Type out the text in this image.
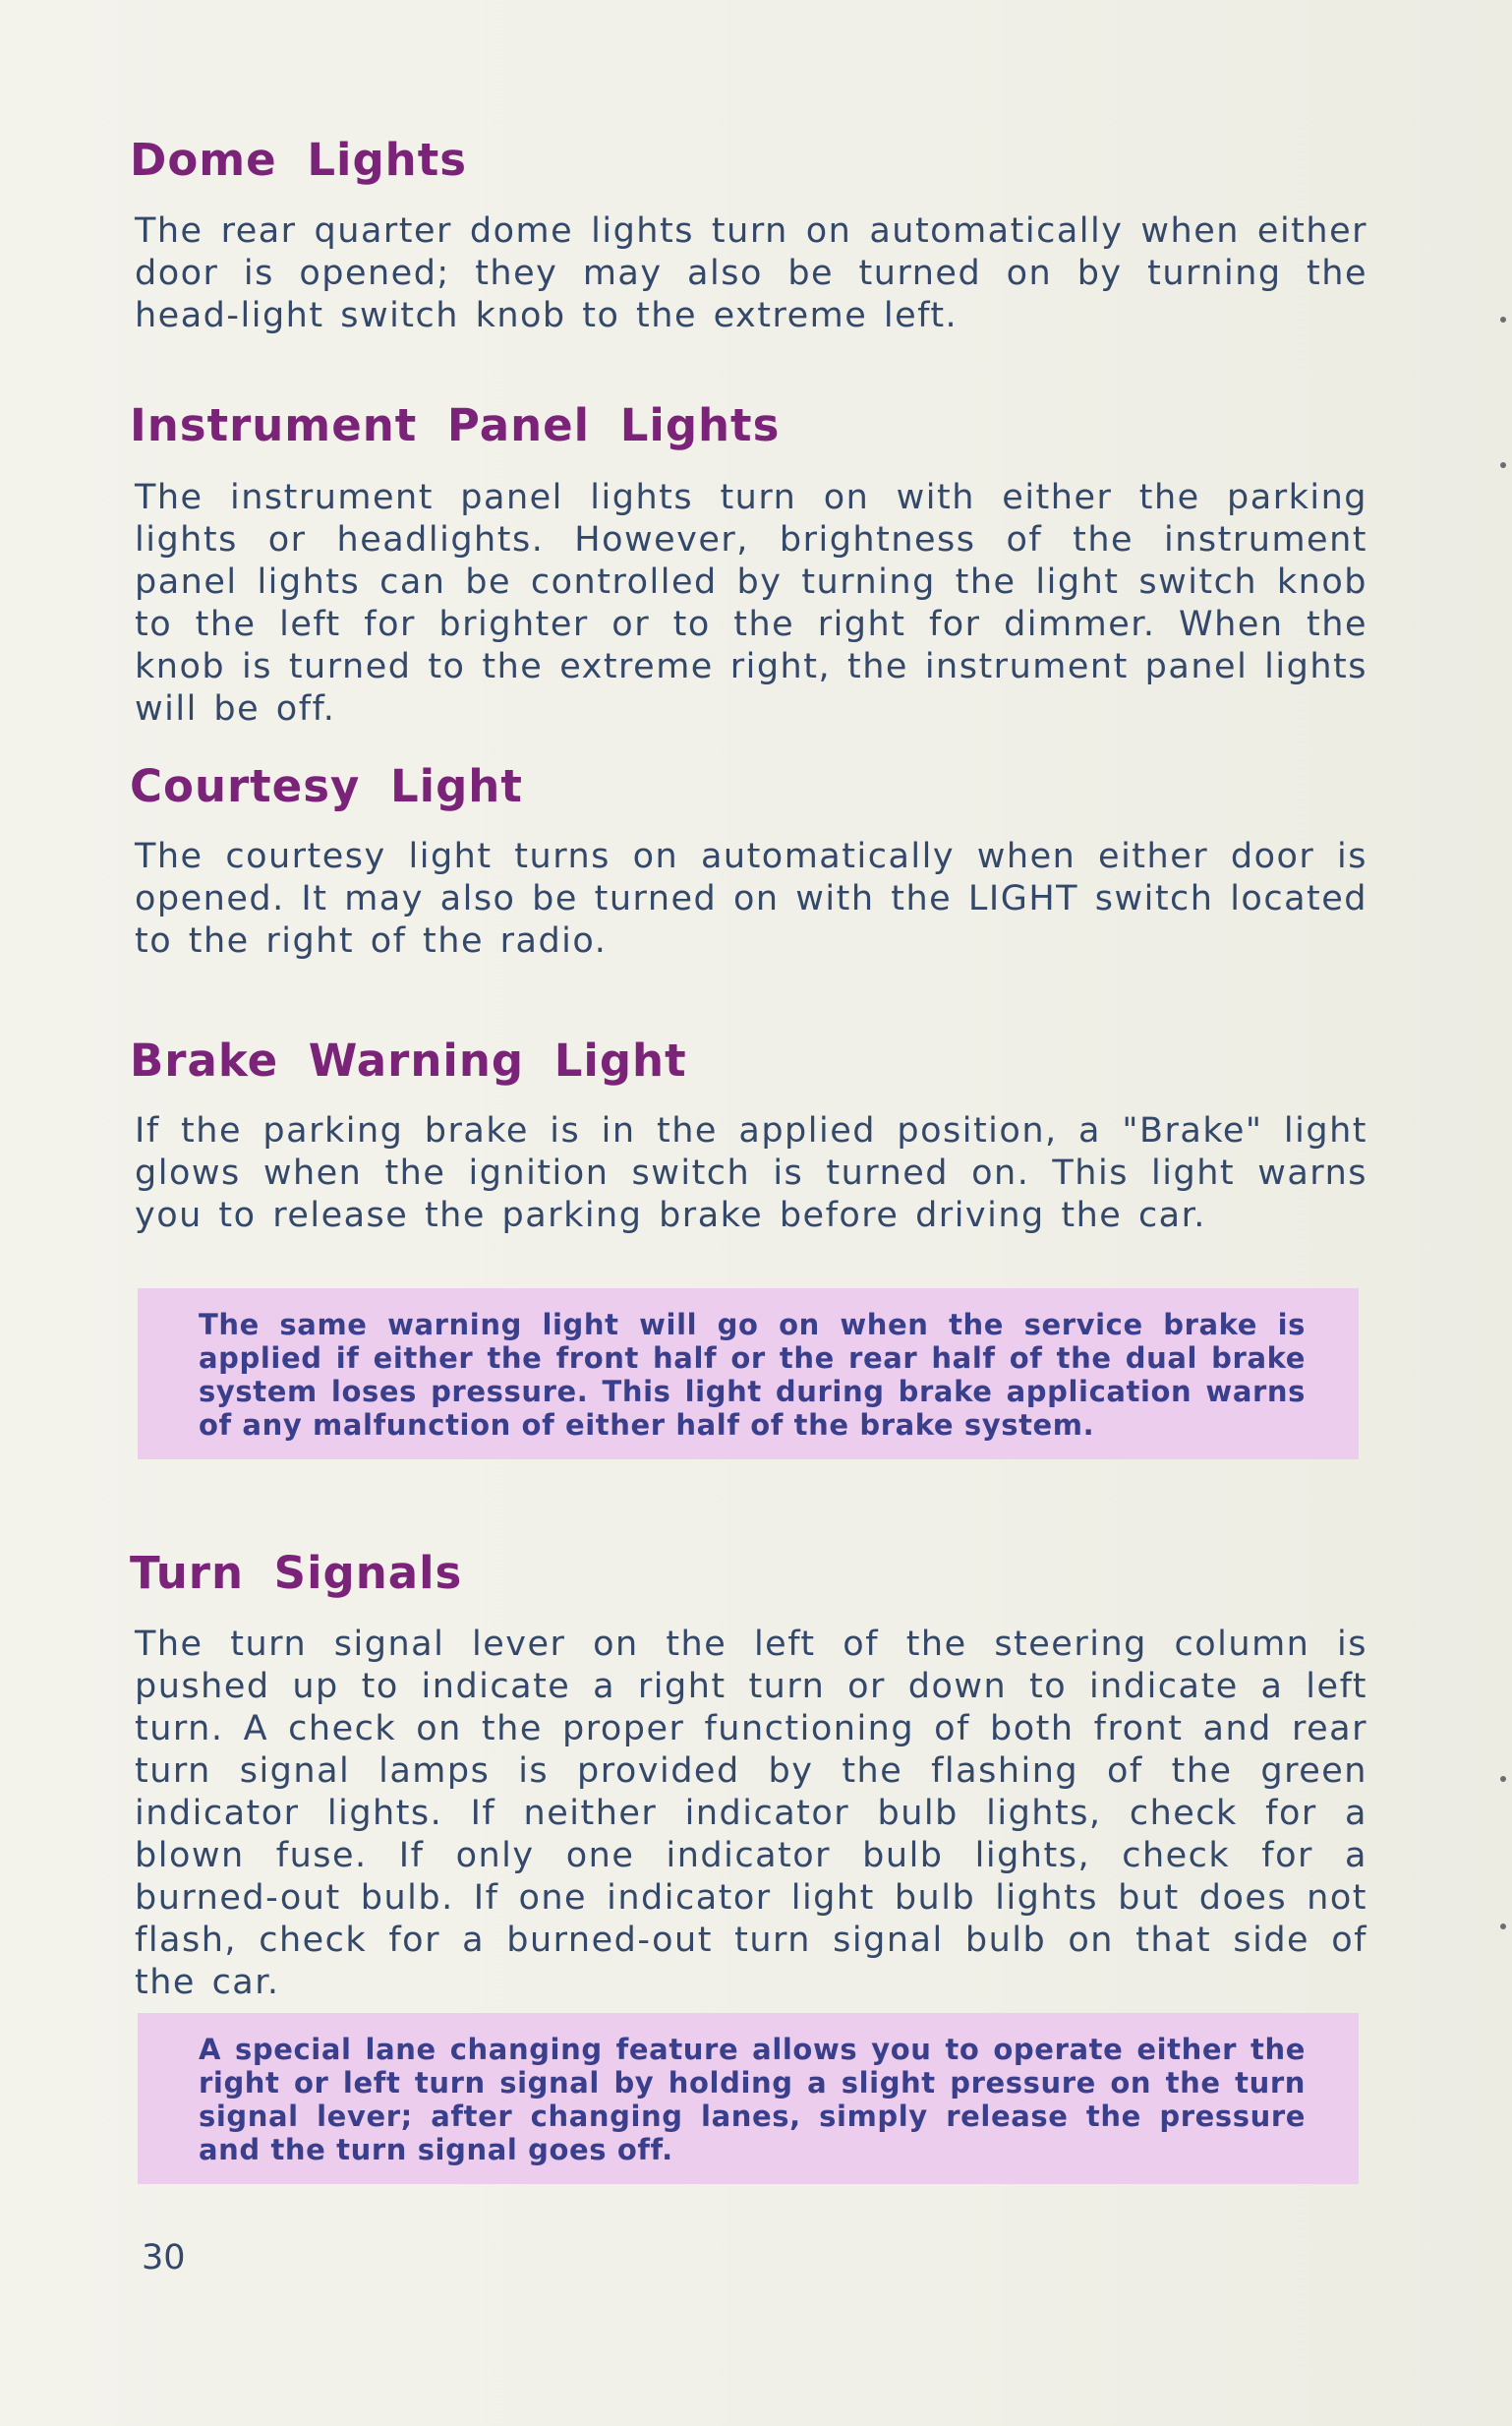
Dome Lights

The rear quarter dome lights turn on automatically when either door is opened; they may also be turned on by turning the head-light switch knob to the extreme left.

Instrument Panel Lights

The instrument panel lights turn on with either the parking lights or headlights. However, brightness of the instrument panel lights can be controlled by turning the light switch knob to the left for brighter or to the right for dimmer. When the knob is turned to the extreme right, the instrument panel lights will be off.

Courtesy Light

The courtesy light turns on automatically when either door is opened. It may also be turned on with the LIGHT switch located to the right of the radio.

Brake Warning Light

If the parking brake is in the applied position, a "Brake" light glows when the ignition switch is turned on. This light warns you to release the parking brake before driving the car.

The same warning light will go on when the service brake is applied if either the front half or the rear half of the dual brake system loses pressure. This light during brake application warns of any malfunction of either half of the brake system.

Turn Signals

The turn signal lever on the left of the steering column is pushed up to indicate a right turn or down to indicate a left turn. A check on the proper functioning of both front and rear turn signal lamps is provided by the flashing of the green indicator lights. If neither indicator bulb lights, check for a blown fuse. If only one indicator bulb lights, check for a burned-out bulb. If one indicator light bulb lights but does not flash, check for a burned-out turn signal bulb on that side of the car.

A special lane changing feature allows you to operate either the right or left turn signal by holding a slight pressure on the turn signal lever; after changing lanes, simply release the pressure and the turn signal goes off.

30
